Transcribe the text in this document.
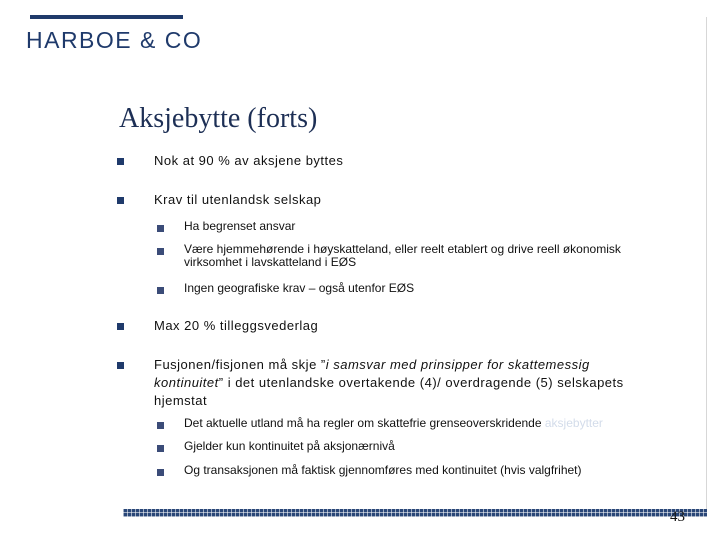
HARBOE & CO
Aksjebytte (forts)
Nok at 90 % av aksjene byttes
Krav til utenlandsk selskap
Ha begrenset ansvar
Være hjemmehørende i høyskatteland, eller reelt etablert og drive reell økonomisk
virksomhet i lavskatteland i EØS
Ingen geografiske krav – også utenfor EØS
Max 20 % tilleggsvederlag
Fusjonen/fisjonen må skje ”i samsvar med prinsipper for skattemessig
kontinuitet” i det utenlandske overtakende (4)/ overdragende (5) selskapets
hjemstat
Det aktuelle utland må ha regler om skattefrie grenseoverskridende aksjebytter
Gjelder kun kontinuitet på aksjonærnivå
Og transaksjonen må faktisk gjennomføres med kontinuitet (hvis valgfrihet)
43
